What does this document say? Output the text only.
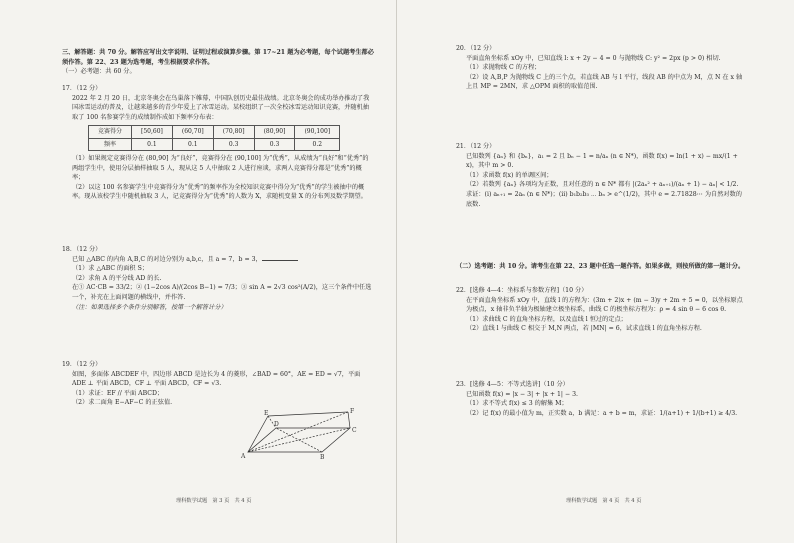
三、解答题：共 70 分。解答应写出文字说明、证明过程或演算步骤。第 17~21 题为必考题，每个试题考生都必须作答。第 22、23 题为选考题，考生根据要求作答。

（一）必考题：共 60 分。

17．（12 分）

2022 年 2 月 20 日，北京冬奥会在鸟巢落下帷幕，中国队创历史最佳战绩。北京冬奥会的成功举办推动了我国冰雪运动的普及，让越来越多的青少年爱上了冰雪运动。某校组织了一次全校冰雪运动知识竞赛，并随机抽取了 100 名参赛学生的成绩制作成如下频率分布表：

竞赛得分	[50,60]	(60,70]	(70,80]	(80,90]	(90,100]
频率	0.1	0.1	0.3	0.3	0.2

（1）如果规定竞赛得分在 (80,90] 为“良好”，竞赛得分在 (90,100] 为“优秀”，从成绩为“良好”和“优秀”的两组学生中，使用分层抽样抽取 5 人，现从这 5 人中抽取 2 人进行座谈，求两人竞赛得分都是“优秀”的概率；

（2）以这 100 名参赛学生中竞赛得分为“优秀”的频率作为全校知识竞赛中得分为“优秀”的学生被抽中的概率。现从该校学生中随机抽取 3 人，记竞赛得分为“优秀”的人数为 X，求随机变量 X 的分布列及数学期望。

18．（12 分）

已知 △ABC 的内角 A,B,C 的对边分别为 a,b,c，且 a = 7，b = 3，

（1）求 △ABC 的面积 S；

（2）求角 A 的平分线 AD 的长.

在① AC·CB = 33/2；② (1−2cos A)/(2cos B−1) = 7/3；③ sin A = 2√3 cos²(A/2)，这三个条件中任选一个，补充在上面问题的横线中，并作答.

（注：如果选择多个条件分别解答，按第一个解答计分）

19．（12 分）

如图，多面体 ABCDEF 中，四边形 ABCD 是边长为 4 的菱形，∠BAD = 60°，AE = ED = √7，平面 ADE ⊥ 平面 ABCD，CF ⊥ 平面 ABCD，CF = √3.

（1）求证：EF // 平面 ABCD；

（2）求二面角 E−AF−C 的正弦值.

E	F
A	B
C
D
理科数学试题　第 3 页　共 4 页

20．（12 分）

平面直角坐标系 xOy 中，已知直线 l: x + 2y − 4 = 0 与抛物线 C: y² = 2px (p > 0) 相切.

（1）求抛物线 C 的方程；

（2）设 A,B,P 为抛物线 C 上的三个点，若直线 AB 与 l 平行，线段 AB 的中点为 M，点 N 在 x 轴上且 MP = 2MN，求 △OPM 面积的取值范围.

21．（12 分）

已知数列 {aₙ} 和 {bₙ}，a₁ = 2 且 bₙ − 1 = n/aₙ (n ∈ N*)，函数 f(x) = ln(1 + x) − mx/(1 + x)，其中 m > 0.

（1）求函数 f(x) 的单调区间；

（2）若数列 {aₙ} 各项均为正数，且对任意的 n ∈ N* 都有 |(2aₙ² + aₙ₊₁)/(aₙ + 1) − aₙ| < 1/2.

求证：(i) aₙ₊₁ = 2aₙ (n ∈ N*)；(ii) b₁b₂b₃ ⋯ bₙ > e^(1/2)，其中 e = 2.71828⋯ 为自然对数的底数.

（二）选考题：共 10 分。请考生在第 22、23 题中任选一题作答。如果多做，则按所做的第一题计分。

22．[选修 4—4：坐标系与参数方程]（10 分）

在平面直角坐标系 xOy 中，直线 l 的方程为：(3m + 2)x + (m − 3)y + 2m + 5 = 0，以坐标原点为极点，x 轴非负半轴为极轴建立极坐标系，曲线 C 的极坐标方程为：ρ = 4 sin θ − 6 cos θ.

（1）求曲线 C 的直角坐标方程，以及直线 l 恒过的定点；

（2）直线 l 与曲线 C 相交于 M,N 两点，若 |MN| = 6，试求直线 l 的直角坐标方程.

23．[选修 4—5：不等式选讲]（10 分）

已知函数 f(x) = |x − 3| + |x + 1| − 3.

（1）求不等式 f(x) ≤ 3 的解集 M；

（2）记 f(x) 的最小值为 m，正实数 a，b 满足：a + b = m，求证：1/(a+1) + 1/(b+1) ≥ 4/3.

理科数学试题　第 4 页　共 4 页
